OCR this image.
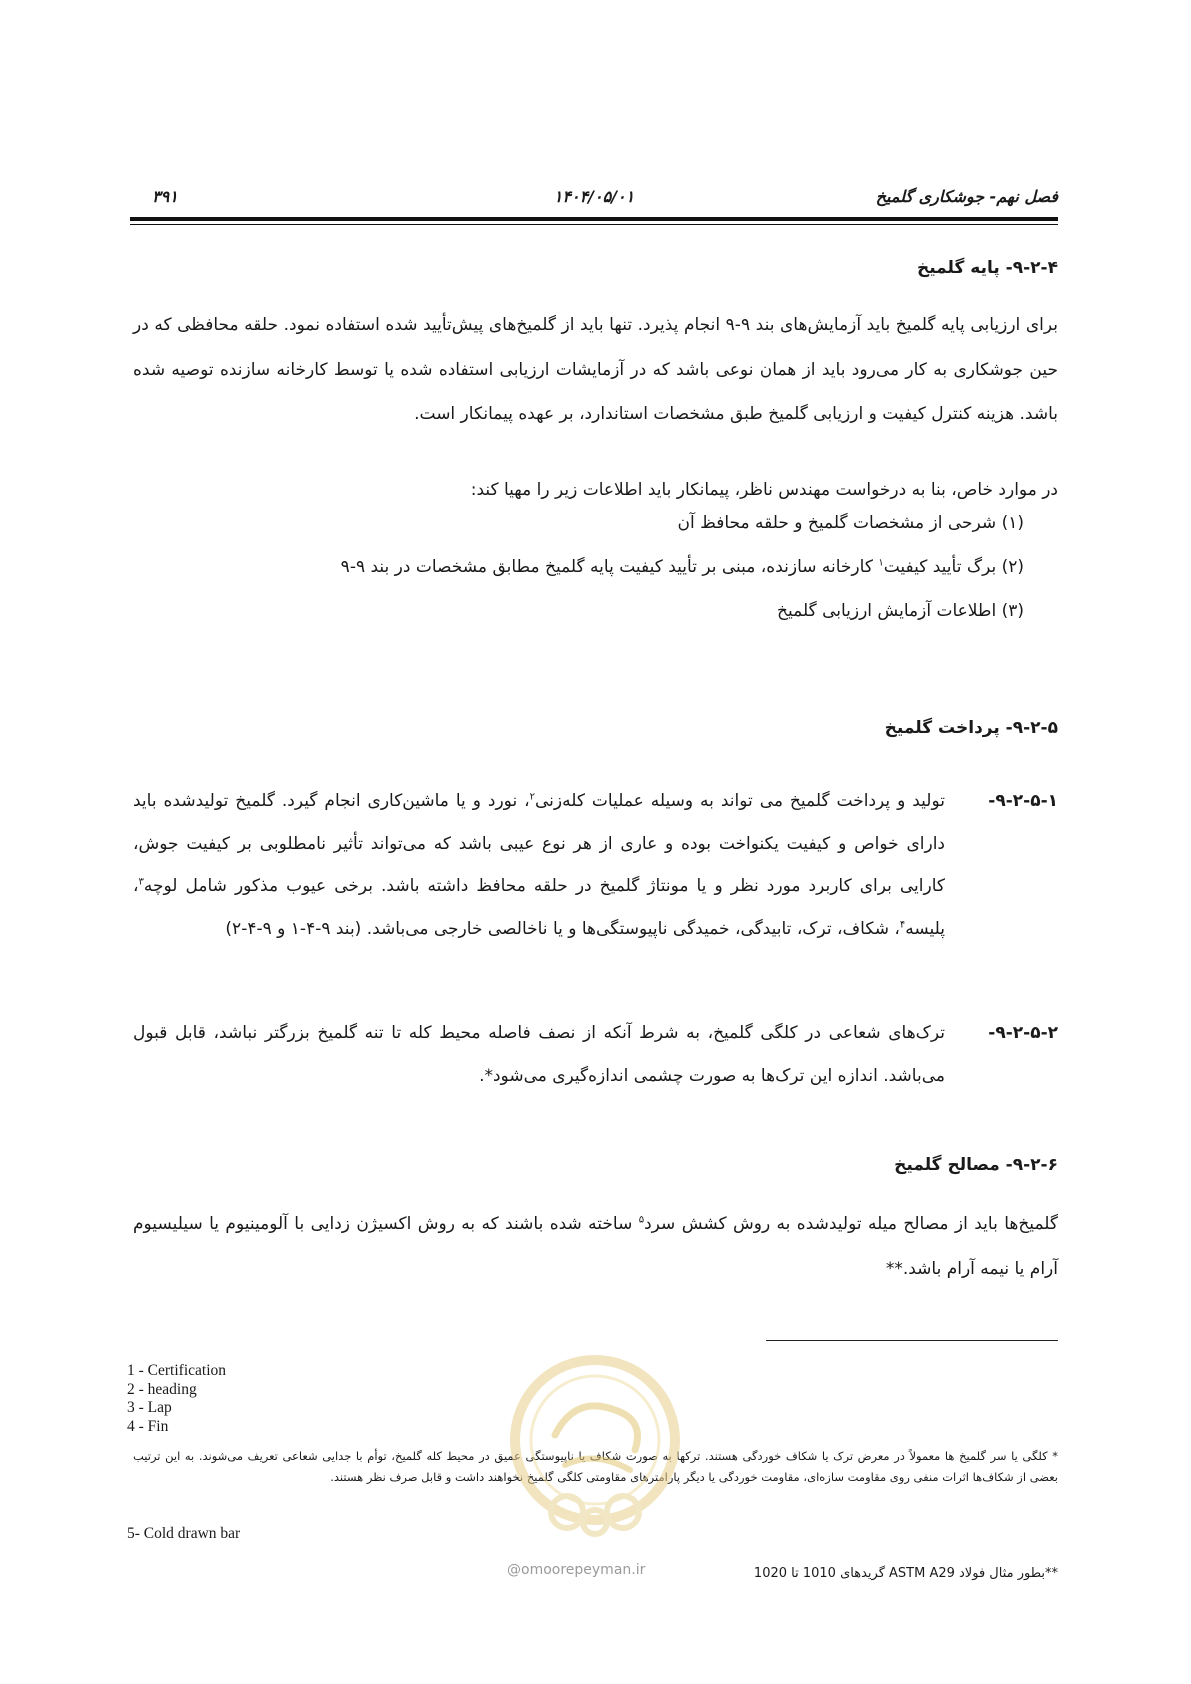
فصل نهم- جوشکاری گلمیخ
۱۴۰۴/۰۵/۰۱
۳۹۱
۹-۲-۴- پایه گلمیخ
برای ارزیابی پایه گلمیخ باید آزمایش‌های بند ۹-۹ انجام پذیرد. تنها باید از گلمیخ‌های پیش‌تأیید شده استفاده نمود. حلقه محافظی که در حین جوشکاری به کار می‌رود باید از همان نوعی باشد که در آزمایشات ارزیابی استفاده شده یا توسط کارخانه سازنده توصیه شده باشد. هزینه کنترل کیفیت و ارزیابی گلمیخ طبق مشخصات استاندارد، بر عهده پیمانکار است.
در موارد خاص، بنا به درخواست مهندس ناظر، پیمانکار باید اطلاعات زیر را مهیا کند:
(۱) شرحی از مشخصات گلمیخ و حلقه محافظ آن
(۲) برگ تأیید کیفیت$^۱$ کارخانه سازنده، مبنی بر تأیید کیفیت پایه گلمیخ مطابق مشخصات در بند ۹-۹
(۳) اطلاعات آزمایش ارزیابی گلمیخ
۹-۲-۵- پرداخت گلمیخ
۹-۲-۵-۱-
تولید و پرداخت گلمیخ می تواند به وسیله عملیات کله‌زنی$^۲$، نورد و یا ماشین‌کاری انجام گیرد. گلمیخ تولیدشده باید دارای خواص و کیفیت یکنواخت بوده و عاری از هر نوع عیبی باشد که می‌تواند تأثیر نامطلوبی بر کیفیت جوش، کارایی برای کاربرد مورد نظر و یا مونتاژ گلمیخ در حلقه محافظ داشته باشد. برخی عیوب مذکور شامل لوچه$^۳$، پلیسه$^۴$، شکاف، ترک، تابیدگی، خمیدگی ناپیوستگی‌ها و یا ناخالصی خارجی می‌باشد. (بند ۹-۴-۱ و ۹-۴-۲)
۹-۲-۵-۲-
ترک‌های شعاعی در کلگی گلمیخ، به شرط آنکه از نصف فاصله محیط کله تا تنه گلمیخ بزرگتر نباشد، قابل قبول می‌باشد. اندازه این ترک‌ها به صورت چشمی اندازه‌گیری می‌شود*.
۹-۲-۶- مصالح گلمیخ
گلمیخ‌ها باید از مصالح میله تولیدشده به روش کشش سرد$^۵$ ساخته شده باشند که به روش اکسیژن زدایی با آلومینیوم یا سیلیسیوم آرام یا نیمه آرام باشد.**
1 - Certification
2 - heading
3 - Lap
4 - Fin
* کلگی یا سر گلمیخ ها معمولاً در معرض ترک یا شکاف خوردگی هستند. ترکها به صورت شکاف یا ناپیوستگی عمیق در محیط کله گلمیخ، توأم با جدایی شعاعی تعریف می‌شوند. به این ترتیب بعضی از شکاف‌ها اثرات منفی روی مقاومت سازه‌ای، مقاومت خوردگی یا دیگر پارامترهای مقاومتی کلگی گلمیخ نخواهند داشت و قابل صرف نظر هستند.
5- Cold drawn bar
**بطور مثال فولاد ASTM A29 گریدهای 1010 تا 1020
@omoorepeyman.ir
